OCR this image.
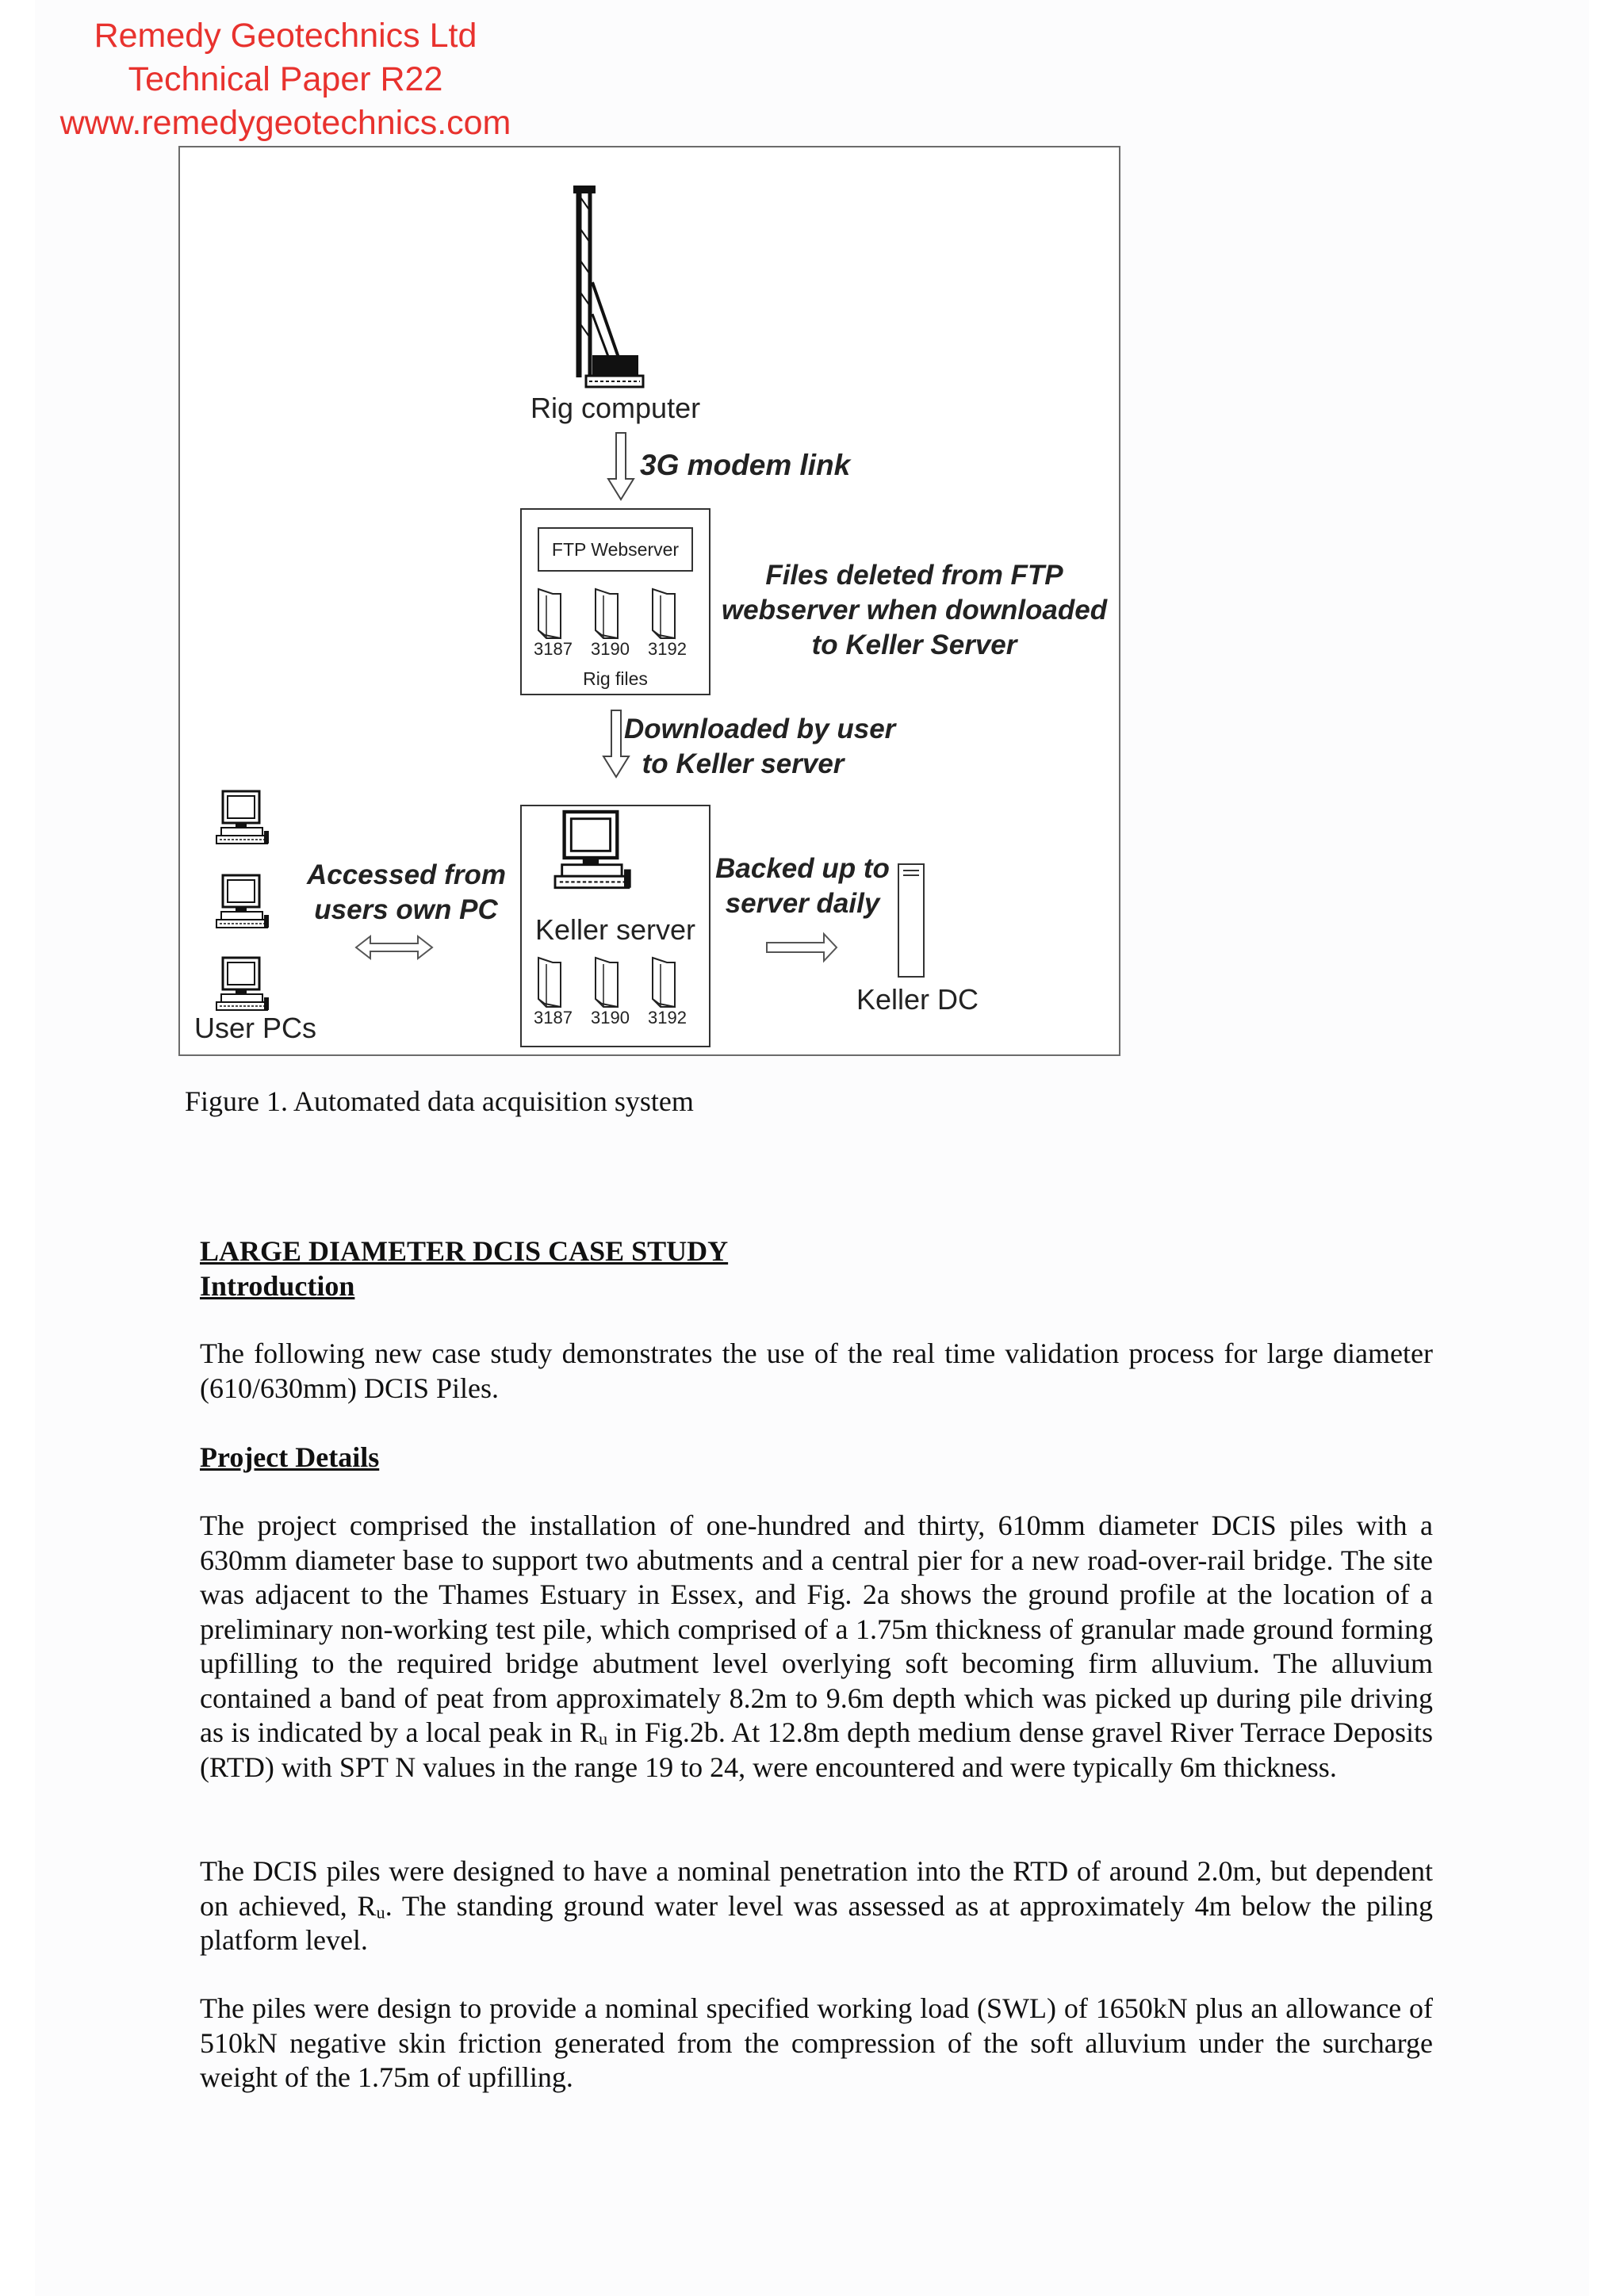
Remedy Geotechnics Ltd
Technical Paper R22
www.remedygeotechnics.com
Rig computer
3G modem link
FTP Webserver
3187 3190 3192
Rig files
Files deleted from FTP
webserver when downloaded
to Keller Server
Downloaded by user
to Keller server
Accessed from
users own PC
Keller server
3187 3190 3192
Backed up to
server daily
Keller DC
User PCs
Figure 1. Automated data acquisition system
LARGE DIAMETER DCIS CASE STUDY
Introduction
The following new case study demonstrates the use of the real time validation process for large diameter (610/630mm) DCIS Piles.
Project Details
The project comprised the installation of one-hundred and thirty, 610mm diameter DCIS piles with a 630mm diameter base to support two abutments and a central pier for a new road-over-rail bridge. The site was adjacent to the Thames Estuary in Essex, and Fig. 2a shows the ground profile at the location of a preliminary non-working test pile, which comprised of a 1.75m thickness of granular made ground forming upfilling to the required bridge abutment level overlying soft becoming firm alluvium. The alluvium contained a band of peat from approximately 8.2m to 9.6m depth which was picked up during pile driving as is indicated by a local peak in $R_u$ in Fig.2b. At 12.8m depth medium dense gravel River Terrace Deposits (RTD) with SPT N values in the range 19 to 24, were encountered and were typically 6m thickness.
The DCIS piles were designed to have a nominal penetration into the RTD of around 2.0m, but dependent on achieved, $R_u$. The standing ground water level was assessed as at approximately 4m below the piling platform level.
The piles were design to provide a nominal specified working load (SWL) of 1650kN plus an allowance of 510kN negative skin friction generated from the compression of the soft alluvium under the surcharge weight of the 1.75m of upfilling.
